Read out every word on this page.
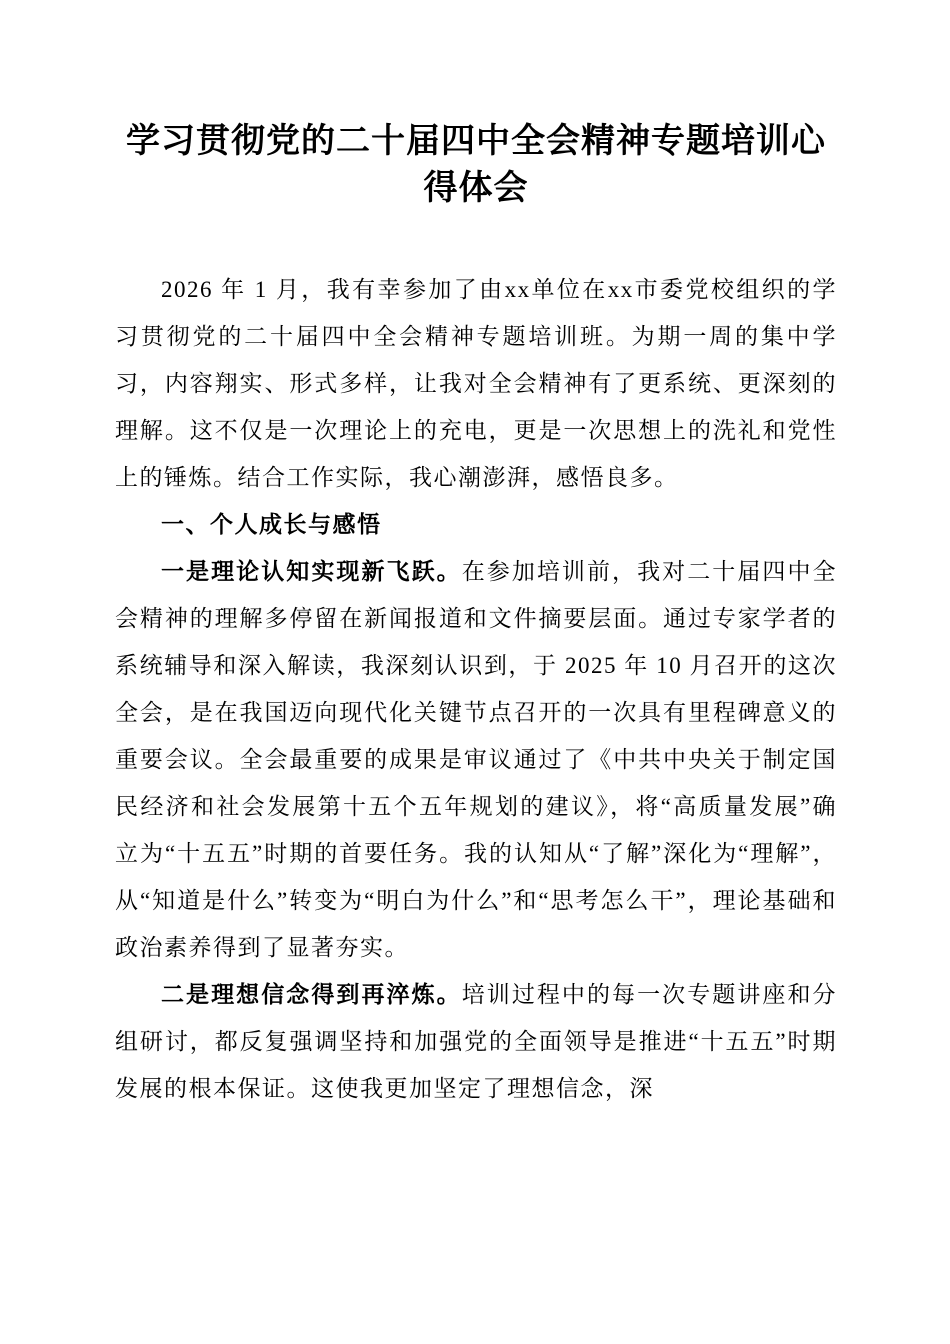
学习贯彻党的二十届四中全会精神专题培训心得体会

2026 年 1 月，我有幸参加了由xx单位在xx市委党校组织的学习贯彻党的二十届四中全会精神专题培训班。为期一周的集中学习，内容翔实、形式多样，让我对全会精神有了更系统、更深刻的理解。这不仅是一次理论上的充电，更是一次思想上的洗礼和党性上的锤炼。结合工作实际，我心潮澎湃，感悟良多。

一、个人成长与感悟

一是理论认知实现新飞跃。在参加培训前，我对二十届四中全会精神的理解多停留在新闻报道和文件摘要层面。通过专家学者的系统辅导和深入解读，我深刻认识到，于 2025 年 10 月召开的这次全会，是在我国迈向现代化关键节点召开的一次具有里程碑意义的重要会议。全会最重要的成果是审议通过了《中共中央关于制定国民经济和社会发展第十五个五年规划的建议》，将“高质量发展”确立为“十五五”时期的首要任务。我的认知从“了解”深化为“理解”，从“知道是什么”转变为“明白为什么”和“思考怎么干”，理论基础和政治素养得到了显著夯实。

二是理想信念得到再淬炼。培训过程中的每一次专题讲座和分组研讨，都反复强调坚持和加强党的全面领导是推进“十五五”时期发展的根本保证。这使我更加坚定了理想信念，深
